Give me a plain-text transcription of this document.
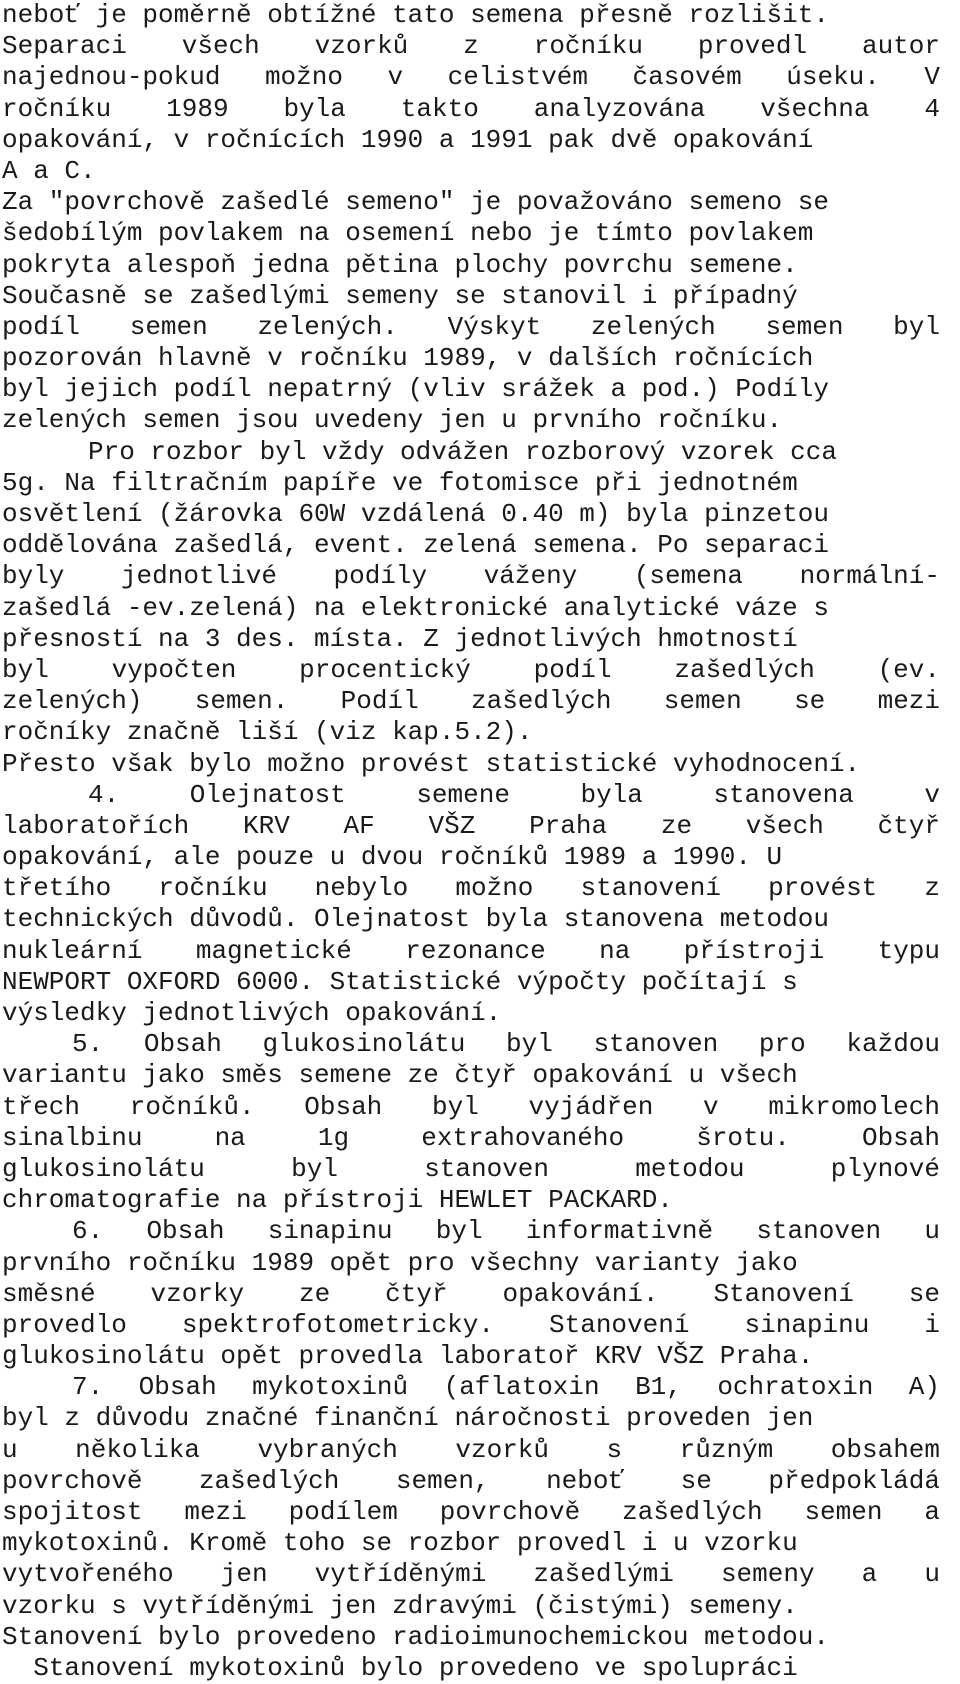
neboť je poměrně obtížné tato semena přesně rozlišit.
Separaci všech vzorků z ročníku provedl autor
najednou-pokud možno v celistvém časovém úseku. V
ročníku 1989 byla takto analyzována všechna 4
opakování, v ročnících 1990 a 1991 pak dvě opakování
A a C.
Za "povrchově zašedlé semeno" je považováno semeno se
šedobílým povlakem na osemení nebo je tímto povlakem
pokryta alespoň jedna pětina plochy povrchu semene.
Současně se zašedlými semeny se stanovil i případný
podíl semen zelených. Výskyt zelených semen byl
pozorován hlavně v ročníku 1989, v dalších ročnících
byl jejich podíl nepatrný (vliv srážek a pod.) Podíly
zelených semen jsou uvedeny jen u prvního ročníku.
Pro rozbor byl vždy odvážen rozborový vzorek cca
5g. Na filtračním papíře ve fotomisce při jednotném
osvětlení (žárovka 60W vzdálená 0.40 m) byla pinzetou
oddělována zašedlá, event. zelená semena. Po separaci
byly jednotlivé podíly váženy (semena normální-
zašedlá -ev.zelená) na elektronické analytické váze s
přesností na 3 des. místa. Z jednotlivých hmotností
byl vypočten procentický podíl zašedlých (ev.
zelených) semen. Podíl zašedlých semen se mezi
ročníky značně liší (viz kap.5.2).
Přesto však bylo možno provést statistické vyhodnocení.
4. Olejnatost semene byla stanovena v
laboratořích KRV AF VŠZ Praha ze všech čtyř
opakování, ale pouze u dvou ročníků 1989 a 1990. U
třetího ročníku nebylo možno stanovení provést z
technických důvodů. Olejnatost byla stanovena metodou
nukleární magnetické rezonance na přístroji typu
NEWPORT OXFORD 6000. Statistické výpočty počítají s
výsledky jednotlivých opakování.
5. Obsah glukosinolátu byl stanoven pro každou
variantu jako směs semene ze čtyř opakování u všech
třech ročníků. Obsah byl vyjádřen v mikromolech
sinalbinu na 1g extrahovaného šrotu. Obsah
glukosinolátu byl stanoven metodou plynové
chromatografie na přístroji HEWLET PACKARD.
6. Obsah sinapinu byl informativně stanoven u
prvního ročníku 1989 opět pro všechny varianty jako
směsné vzorky ze čtyř opakování. Stanovení se
provedlo spektrofotometricky. Stanovení sinapinu i
glukosinolátu opět provedla laboratoř KRV VŠZ Praha.
7. Obsah mykotoxinů (aflatoxin B1, ochratoxin A)
byl z důvodu značné finanční náročnosti proveden jen
u několika vybraných vzorků s různým obsahem
povrchově zašedlých semen, neboť se předpokládá
spojitost mezi podílem povrchově zašedlých semen a
mykotoxinů. Kromě toho se rozbor provedl i u vzorku
vytvořeného jen vytříděnými zašedlými semeny a u
vzorku s vytříděnými jen zdravými (čistými) semeny.
Stanovení bylo provedeno radioimunochemickou metodou.
Stanovení mykotoxinů bylo provedeno ve spolupráci
